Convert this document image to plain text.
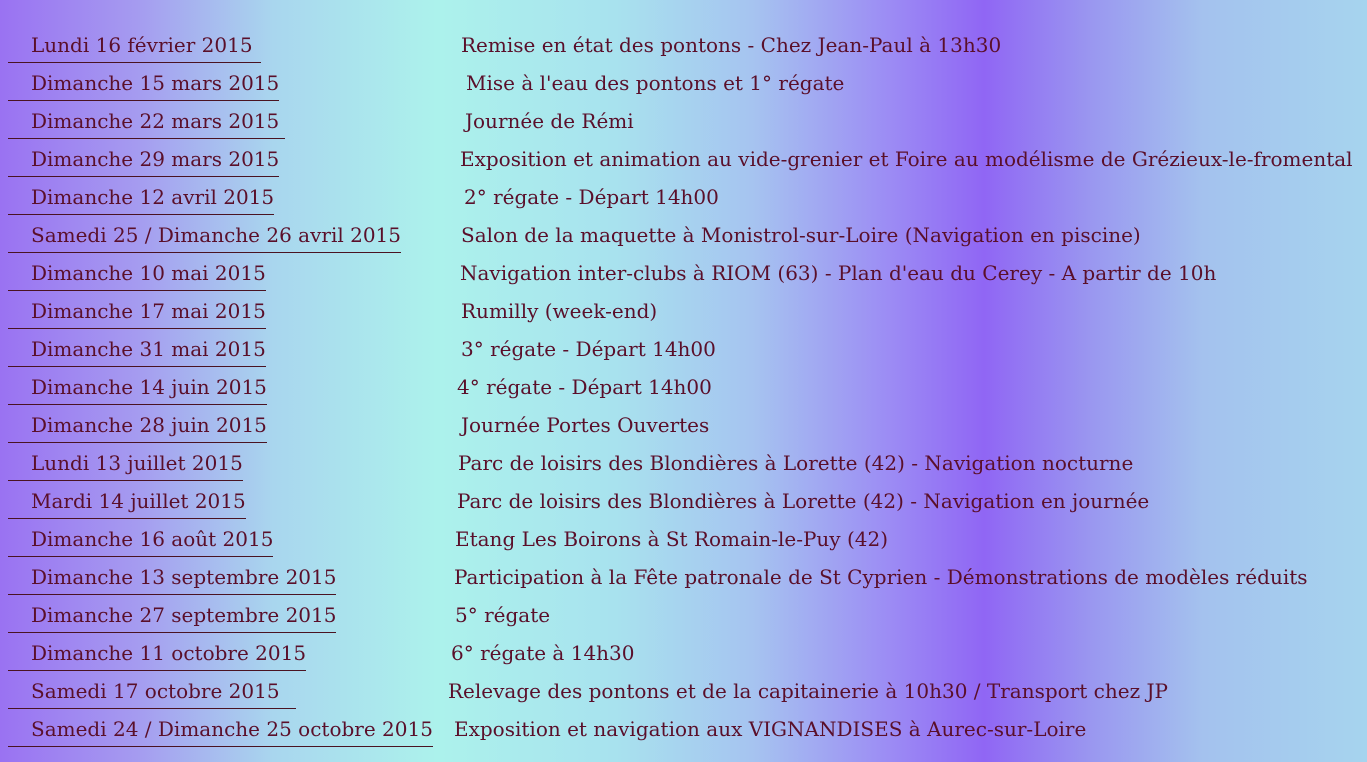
Lundi 16 février 2015	Remise en état des pontons - Chez Jean-Paul à 13h30
Dimanche 15 mars 2015	Mise à l'eau des pontons et 1° régate
Dimanche 22 mars 2015	Journée de Rémi
Dimanche 29 mars 2015	Exposition et animation au vide-grenier et Foire au modélisme de Grézieux-le-fromental
Dimanche 12 avril 2015	2° régate - Départ 14h00
Samedi 25 / Dimanche 26 avril 2015	Salon de la maquette à Monistrol-sur-Loire (Navigation en piscine)
Dimanche 10 mai 2015	Navigation inter-clubs à RIOM (63) - Plan d'eau du Cerey - A partir de 10h
Dimanche 17 mai 2015	Rumilly (week-end)
Dimanche 31 mai 2015	3° régate - Départ 14h00
Dimanche 14 juin 2015	4° régate - Départ 14h00
Dimanche 28 juin 2015	Journée Portes Ouvertes
Lundi 13 juillet 2015	Parc de loisirs des Blondières à Lorette (42) - Navigation nocturne
Mardi 14 juillet 2015	Parc de loisirs des Blondières à Lorette (42) - Navigation en journée
Dimanche 16 août 2015	Etang Les Boirons à St Romain-le-Puy (42)
Dimanche 13 septembre 2015	Participation à la Fête patronale de St Cyprien - Démonstrations de modèles réduits
Dimanche 27 septembre 2015	5° régate
Dimanche 11 octobre 2015	6° régate à 14h30
Samedi 17 octobre 2015	Relevage des pontons et de la capitainerie à 10h30 / Transport chez JP
Samedi 24 / Dimanche 25 octobre 2015 Exposition et navigation aux VIGNANDISES à Aurec-sur-Loire
